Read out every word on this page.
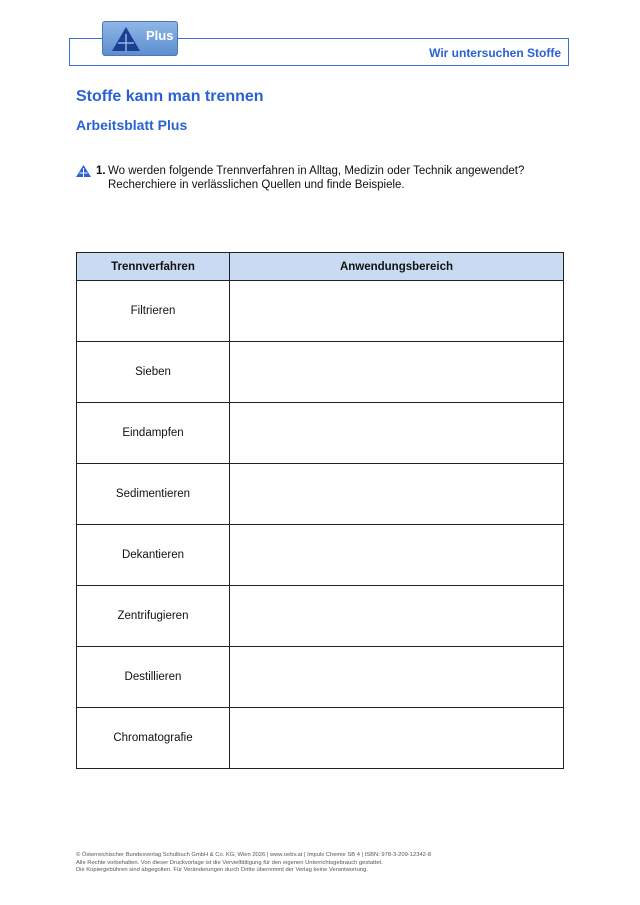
Wir untersuchen Stoffe
Plus
Stoffe kann man trennen
Arbeitsblatt Plus
1. Wo werden folgende Trennverfahren in Alltag, Medizin oder Technik angewendet?
Recherchiere in verlässlichen Quellen und finde Beispiele.
Trennverfahren	Anwendungsbereich
Filtrieren	
Sieben	
Eindampfen	
Sedimentieren	
Dekantieren	
Zentrifugieren	
Destillieren	
Chromatografie	
© Österreichischer Bundesverlag Schulbuch GmbH & Co. KG, Wien 2026 | www.oebv.at | Impuls Chemie SB 4 | ISBN: 978-3-209-12342-8
Alle Rechte vorbehalten. Von dieser Druckvorlage ist die Vervielfältigung für den eigenen Unterrichtsgebrauch gestattet.
Die Kopiergebühren sind abgegolten. Für Veränderungen durch Dritte übernimmt der Verlag keine Verantwortung.
